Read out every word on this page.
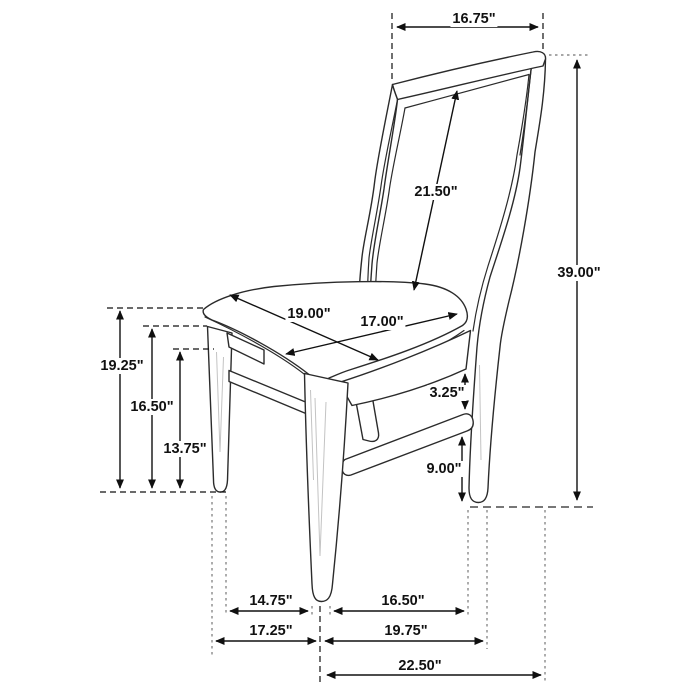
16.75"
21.50"
39.00"
19.00" 17.00"
19.25"
16.50"
13.75"
3.25"
9.00"
14.75"	16.50"
17.25"	19.75"
22.50"
